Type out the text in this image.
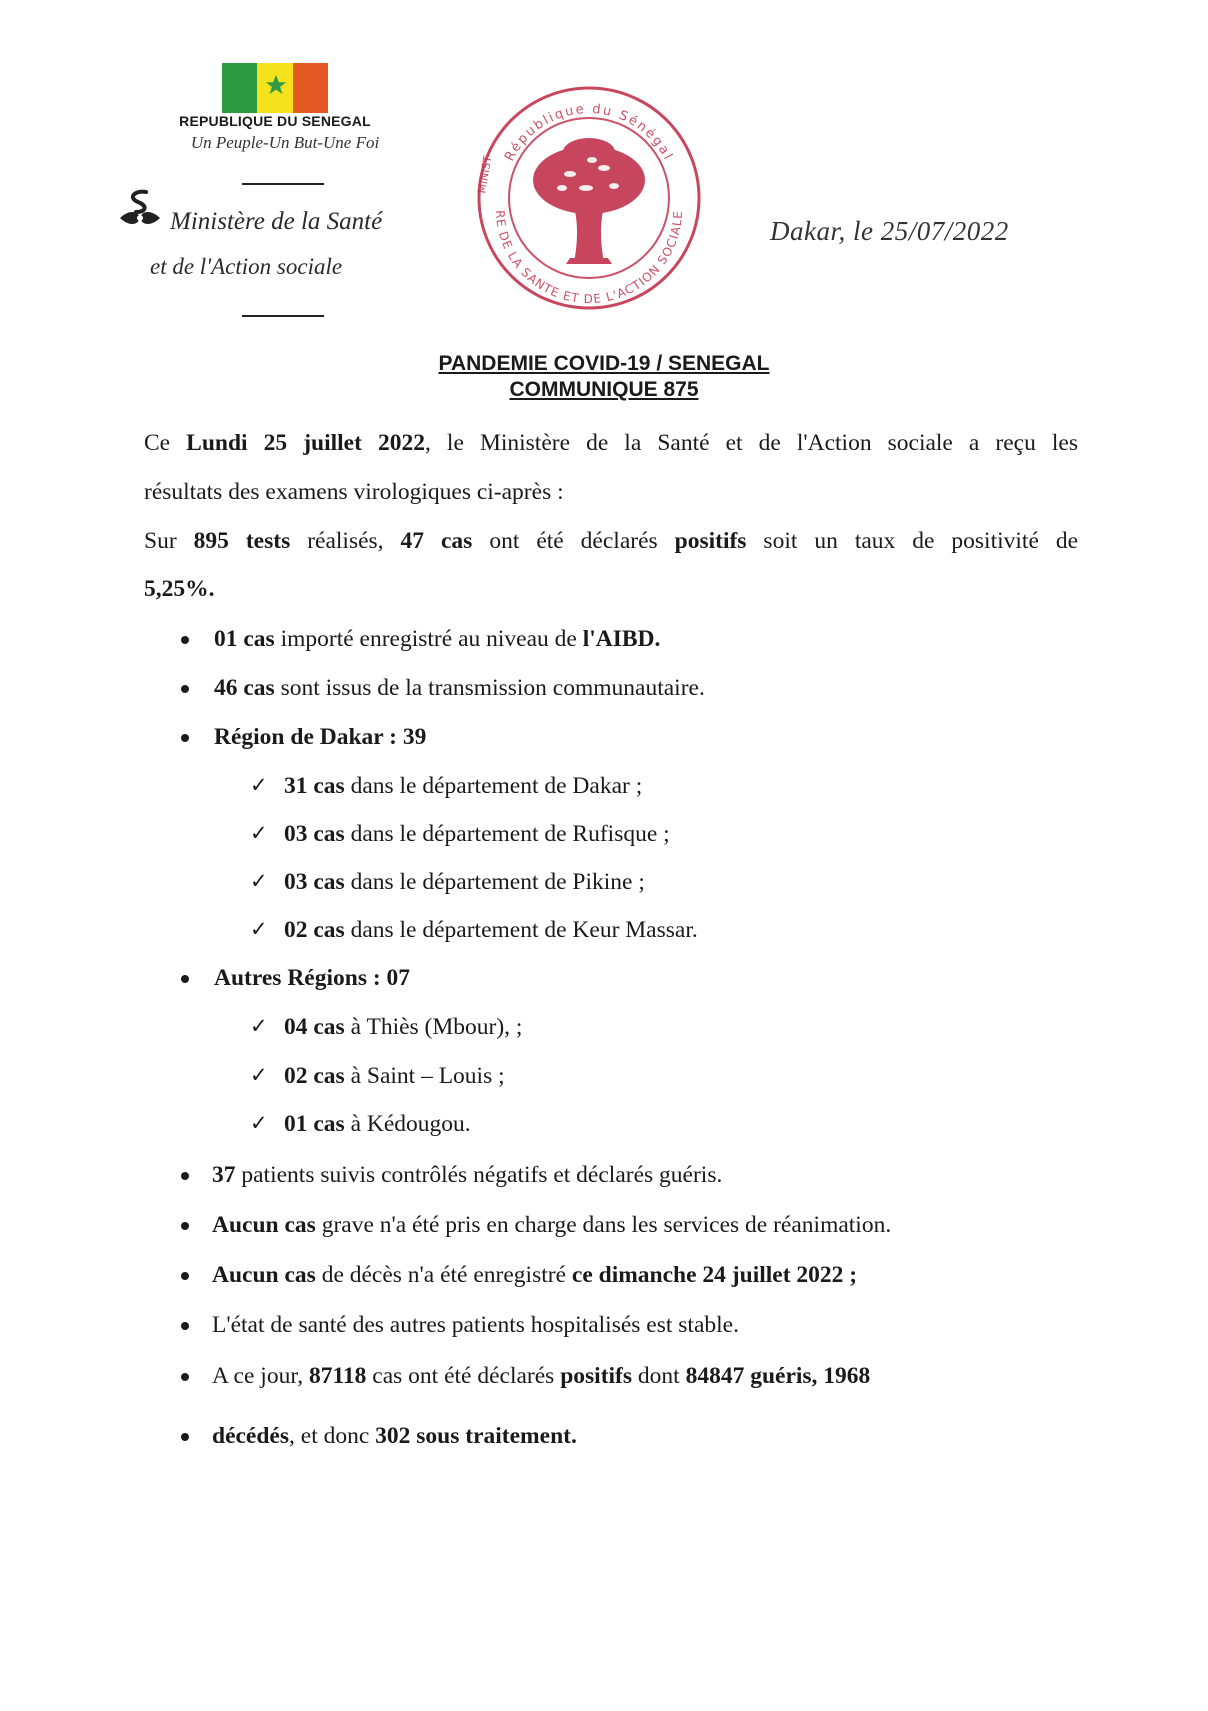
REPUBLIQUE DU SENEGAL
Un Peuple-Un But-Une Foi
Ministère de la Santé
et de l'Action sociale
République du Sénégal
RE DE LA SANTE ET DE L'ACTION SOCIALE
MINIST
Dakar, le 25/07/2022
PANDEMIE COVID-19 / SENEGAL
COMMUNIQUE 875
Ce Lundi 25 juillet 2022, le Ministère de la Santé et de l'Action sociale a reçu les
résultats des examens virologiques ci-après :
Sur 895 tests réalisés, 47 cas ont été déclarés positifs soit un taux de positivité de
5,25%.
01 cas importé enregistré au niveau de l'AIBD.
46 cas sont issus de la transmission communautaire.
Région de Dakar : 39
✓ 31 cas dans le département de Dakar ;
✓ 03 cas dans le département de Rufisque ;
✓ 03 cas dans le département de Pikine ;
✓ 02 cas dans le département de Keur Massar.
Autres Régions : 07
✓ 04 cas à Thiès (Mbour), ;
✓ 02 cas à Saint – Louis ;
✓ 01 cas à Kédougou.
37 patients suivis contrôlés négatifs et déclarés guéris.
Aucun cas grave n'a été pris en charge dans les services de réanimation.
Aucun cas de décès n'a été enregistré ce dimanche 24 juillet 2022 ;
L'état de santé des autres patients hospitalisés est stable.
A ce jour, 87118 cas ont été déclarés positifs dont 84847 guéris, 1968
décédés, et donc 302 sous traitement.
